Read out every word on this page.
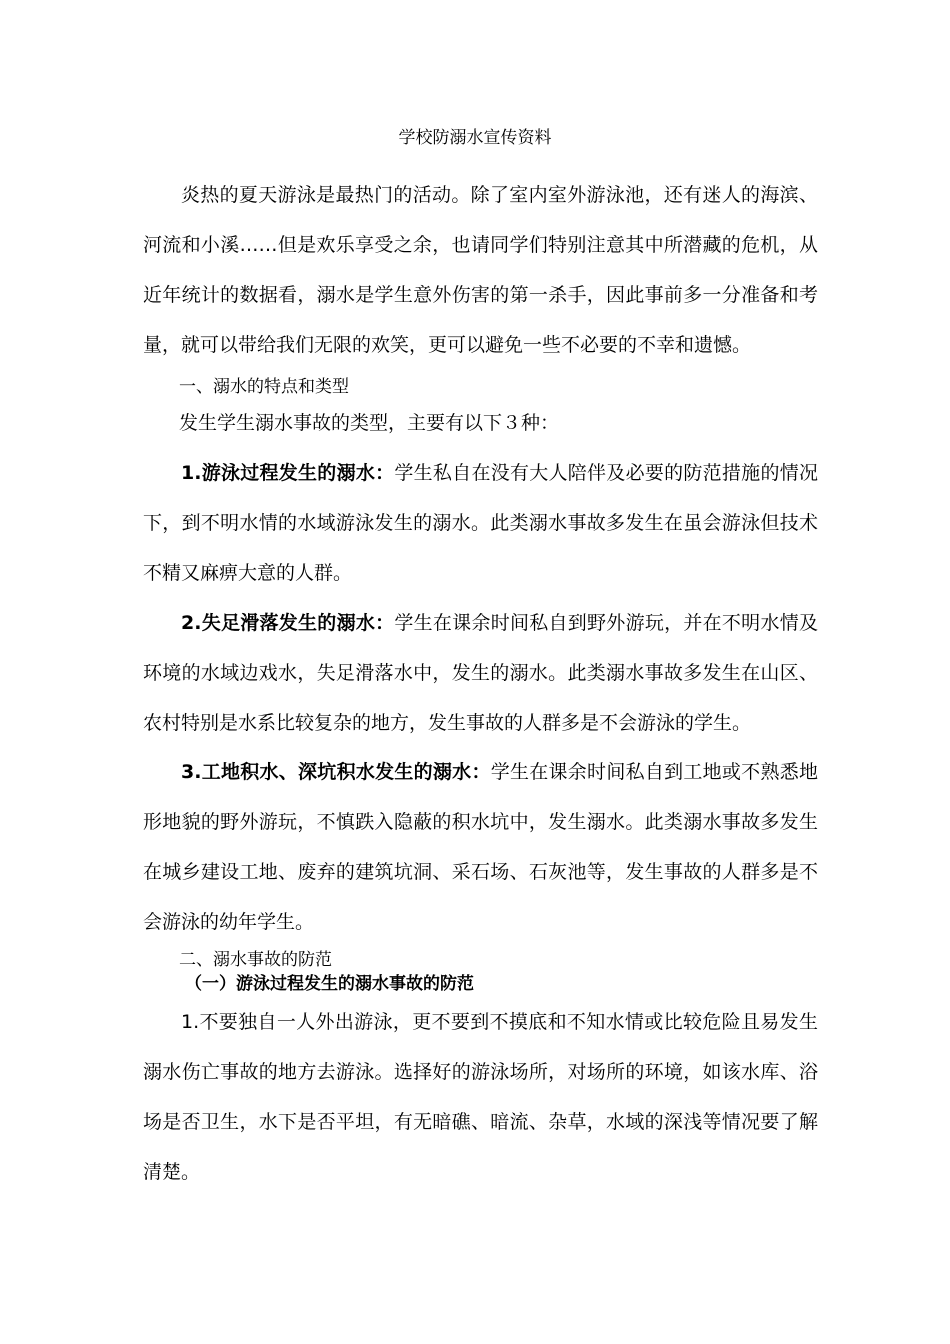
学校防溺水宣传资料
炎热的夏天游泳是最热门的活动。除了室内室外游泳池，还有迷人的海滨、河流和小溪……但是欢乐享受之余，也请同学们特别注意其中所潜藏的危机，从近年统计的数据看，溺水是学生意外伤害的第一杀手，因此事前多一分准备和考量，就可以带给我们无限的欢笑，更可以避免一些不必要的不幸和遗憾。
一、溺水的特点和类型
发生学生溺水事故的类型，主要有以下３种：
1.游泳过程发生的溺水：学生私自在没有大人陪伴及必要的防范措施的情况下，到不明水情的水域游泳发生的溺水。此类溺水事故多发生在虽会游泳但技术不精又麻痹大意的人群。
2.失足滑落发生的溺水：学生在课余时间私自到野外游玩，并在不明水情及环境的水域边戏水，失足滑落水中，发生的溺水。此类溺水事故多发生在山区、农村特别是水系比较复杂的地方，发生事故的人群多是不会游泳的学生。
3.工地积水、深坑积水发生的溺水：学生在课余时间私自到工地或不熟悉地形地貌的野外游玩，不慎跌入隐蔽的积水坑中，发生溺水。此类溺水事故多发生在城乡建设工地、废弃的建筑坑洞、采石场、石灰池等，发生事故的人群多是不会游泳的幼年学生。
二、溺水事故的防范
（一）游泳过程发生的溺水事故的防范
1.不要独自一人外出游泳，更不要到不摸底和不知水情或比较危险且易发生溺水伤亡事故的地方去游泳。选择好的游泳场所，对场所的环境，如该水库、浴场是否卫生，水下是否平坦，有无暗礁、暗流、杂草，水域的深浅等情况要了解清楚。
